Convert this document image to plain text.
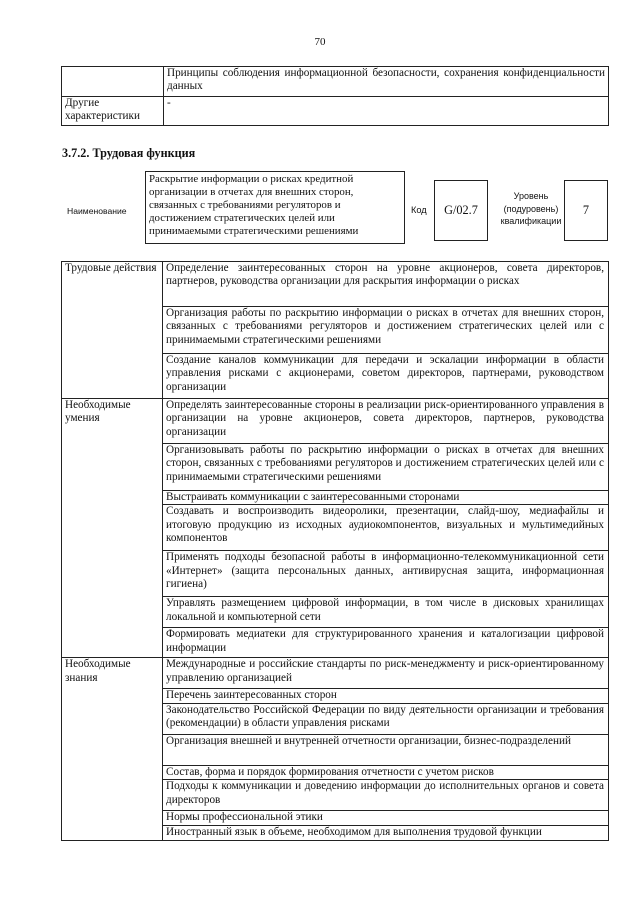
70
	Принципы соблюдения информационной безопасности, сохранения конфиденциальности данных
Другие характеристики	-
3.7.2. Трудовая функция
Наименование
Раскрытие информации о рисках кредитной организации в отчетах для внешних сторон, связанных с требованиями регуляторов и достижением стратегических целей или принимаемыми стратегическими решениями
Код	G/02.7
Уровень (подуровень) квалификации
7
Трудовые действия	Определение заинтересованных сторон на уровне акционеров, совета директоров, партнеров, руководства организации для раскрытия информации о рисках
	Организация работы по раскрытию информации о рисках в отчетах для внешних сторон, связанных с требованиями регуляторов и достижением стратегических целей или с принимаемыми стратегическими решениями
	Создание каналов коммуникации для передачи и эскалации информации в области управления рисками с акционерами, советом директоров, партнерами, руководством организации
Необходимые умения	Определять заинтересованные стороны в реализации риск-ориентированного управления в организации на уровне акционеров, совета директоров, партнеров, руководства организации
	Организовывать работы по раскрытию информации о рисках в отчетах для внешних сторон, связанных с требованиями регуляторов и достижением стратегических целей или с принимаемыми стратегическими решениями
	Выстраивать коммуникации с заинтересованными сторонами
	Создавать и воспроизводить видеоролики, презентации, слайд-шоу, медиафайлы и итоговую продукцию из исходных аудиокомпонентов, визуальных и мультимедийных компонентов
	Применять подходы безопасной работы в информационно-телекоммуникационной сети «Интернет» (защита персональных данных, антивирусная защита, информационная гигиена)
	Управлять размещением цифровой информации, в том числе в дисковых хранилищах локальной и компьютерной сети
	Формировать медиатеки для структурированного хранения и каталогизации цифровой информации
Необходимые знания	Международные и российские стандарты по риск-менеджменту и риск-ориентированному управлению организацией
	Перечень заинтересованных сторон
	Законодательство Российской Федерации по виду деятельности организации и требования (рекомендации) в области управления рисками
	Организация внешней и внутренней отчетности организации, бизнес-подразделений
	Состав, форма и порядок формирования отчетности с учетом рисков
	Подходы к коммуникации и доведению информации до исполнительных органов и совета директоров
	Нормы профессиональной этики
	Иностранный язык в объеме, необходимом для выполнения трудовой функции
